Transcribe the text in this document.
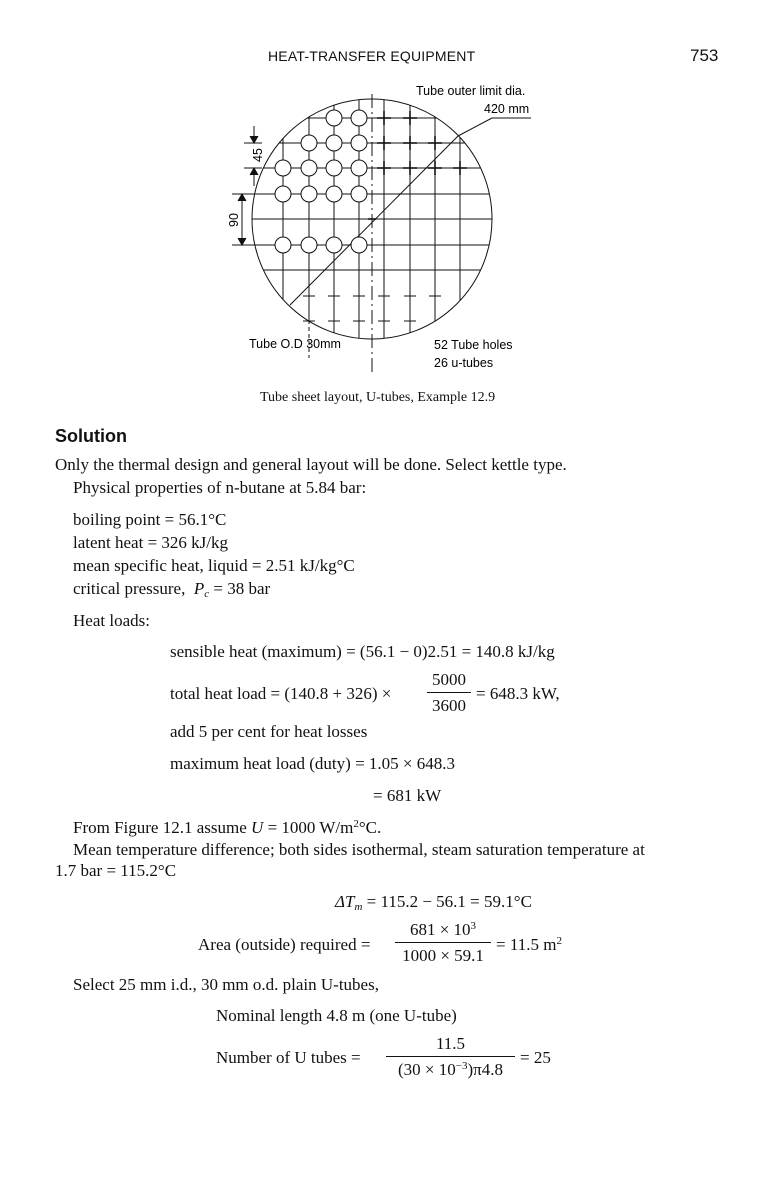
HEAT-TRANSFER EQUIPMENT	753
Tube outer limit dia.
420 mm
45
90
Tube O.D 30mm	52 Tube holes
26 u-tubes
Tube sheet layout, U-tubes, Example 12.9
Solution
Only the thermal design and general layout will be done. Select kettle type.
Physical properties of n-butane at 5.84 bar:
boiling point = 56.1°C
latent heat = 326 kJ/kg
mean specific heat, liquid = 2.51 kJ/kg°C
critical pressure, $P_c = 38$ bar
Heat loads:
sensible heat (maximum) = (56.1 − 0)2.51 = 140.8 kJ/kg
total heat load = $(140.8 + 326) \times \frac{5000}{3600} = 648.3$ kW,
add 5 per cent for heat losses
maximum heat load (duty) = 1.05 × 648.3
= 681 kW
From Figure 12.1 assume U = 1000 $W/m^2^\circ C$.
Mean temperature difference; both sides isothermal, steam saturation temperature at
1.7 bar = 115.2°C
$\Delta T_m = 115.2 - 56.1 = 59.1^\circ C$
Area (outside) required = $\frac{681 \times 10^3}{1000 \times 59.1} = 11.5$ $m^2$
Select 25 mm i.d., 30 mm o.d. plain U-tubes,
Nominal length 4.8 m (one U-tube)
Number of U tubes = $\frac{11.5}{(30 \times 10^{-3})\pi 4.8} = 25$
